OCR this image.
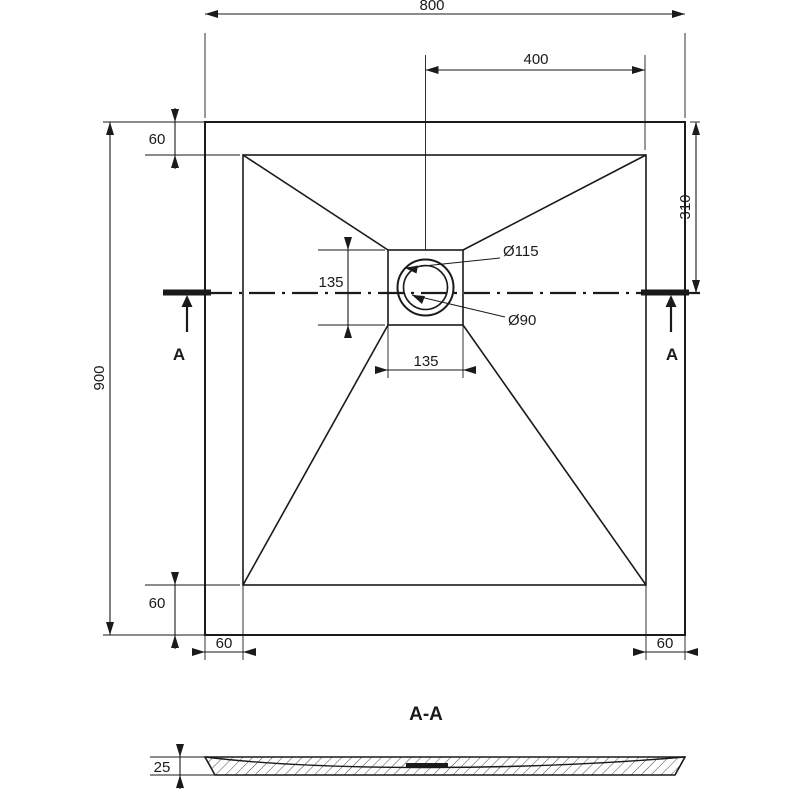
A	A
800
400
900
310
60
60
60	60
135
135
Ø115
Ø90
A-A
25
